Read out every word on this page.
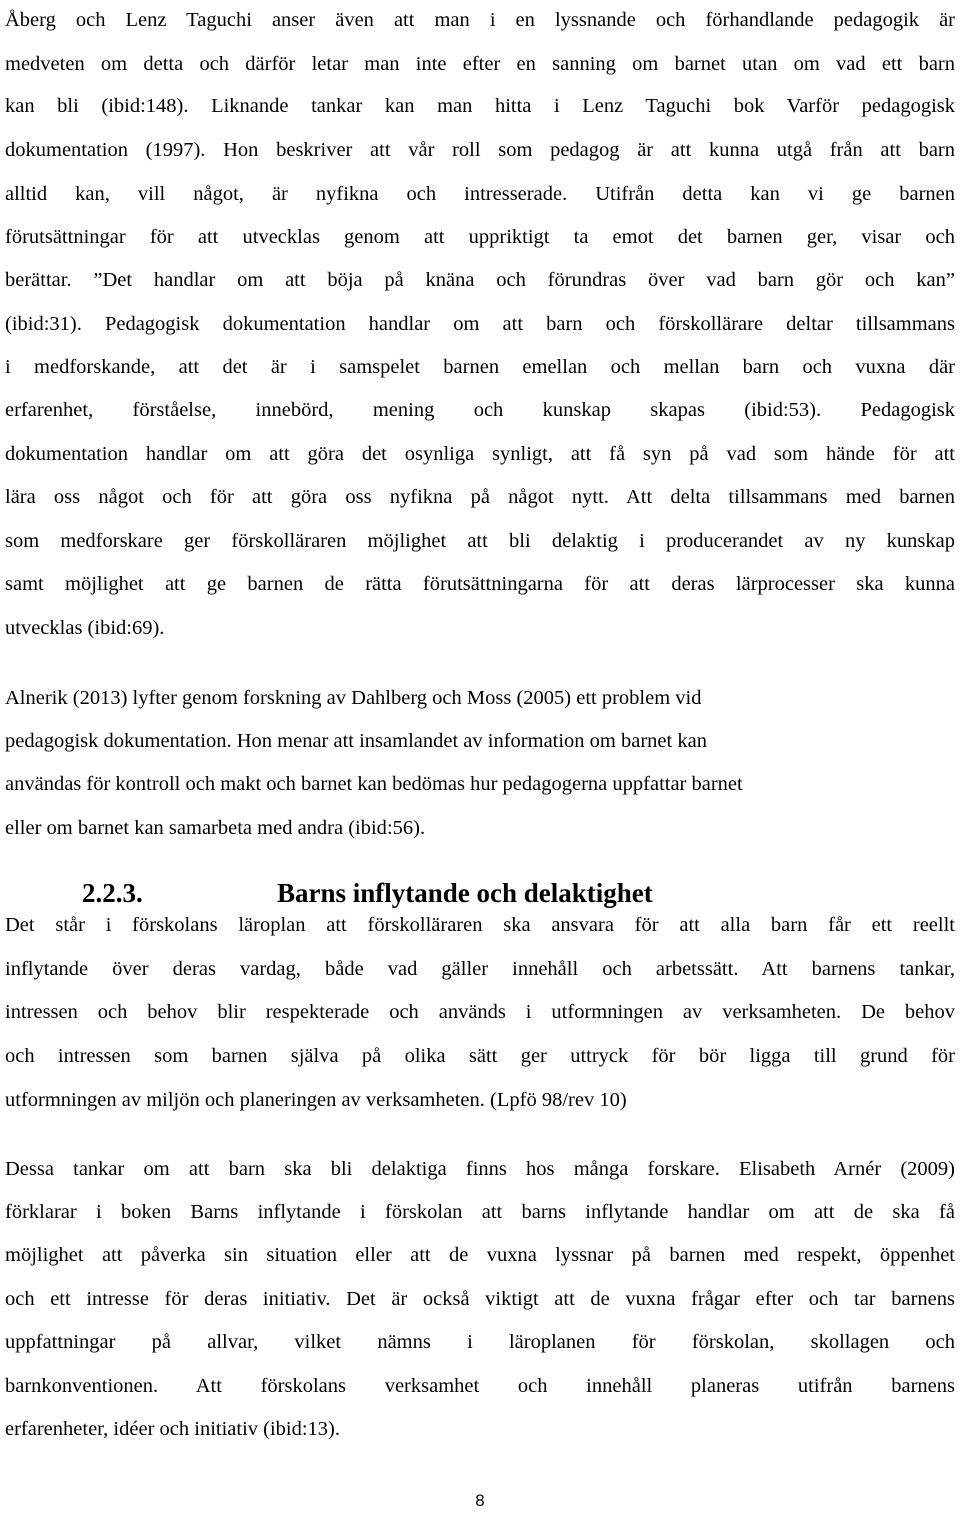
Åberg och Lenz Taguchi anser även att man i en lyssnande och förhandlande pedagogik är
medveten om detta och därför letar man inte efter en sanning om barnet utan om vad ett barn
kan bli (ibid:148). Liknande tankar kan man hitta i Lenz Taguchi bok Varför pedagogisk
dokumentation (1997). Hon beskriver att vår roll som pedagog är att kunna utgå från att barn
alltid kan, vill något, är nyfikna och intresserade. Utifrån detta kan vi ge barnen
förutsättningar för att utvecklas genom att uppriktigt ta emot det barnen ger, visar och
berättar. ”Det handlar om att böja på knäna och förundras över vad barn gör och kan”
(ibid:31). Pedagogisk dokumentation handlar om att barn och förskollärare deltar tillsammans
i medforskande, att det är i samspelet barnen emellan och mellan barn och vuxna där
erfarenhet, förståelse, innebörd, mening och kunskap skapas (ibid:53). Pedagogisk
dokumentation handlar om att göra det osynliga synligt, att få syn på vad som hände för att
lära oss något och för att göra oss nyfikna på något nytt. Att delta tillsammans med barnen
som medforskare ger förskolläraren möjlighet att bli delaktig i producerandet av ny kunskap
samt möjlighet att ge barnen de rätta förutsättningarna för att deras lärprocesser ska kunna
utvecklas (ibid:69).
Alnerik (2013) lyfter genom forskning av Dahlberg och Moss (2005) ett problem vid
pedagogisk dokumentation. Hon menar att insamlandet av information om barnet kan
användas för kontroll och makt och barnet kan bedömas hur pedagogerna uppfattar barnet
eller om barnet kan samarbeta med andra (ibid:56).
2.2.3.	Barns inflytande och delaktighet
Det står i förskolans läroplan att förskolläraren ska ansvara för att alla barn får ett reellt
inflytande över deras vardag, både vad gäller innehåll och arbetssätt. Att barnens tankar,
intressen och behov blir respekterade och används i utformningen av verksamheten. De behov
och intressen som barnen själva på olika sätt ger uttryck för bör ligga till grund för
utformningen av miljön och planeringen av verksamheten. (Lpfö 98/rev 10)
Dessa tankar om att barn ska bli delaktiga finns hos många forskare. Elisabeth Arnér (2009)
förklarar i boken Barns inflytande i förskolan att barns inflytande handlar om att de ska få
möjlighet att påverka sin situation eller att de vuxna lyssnar på barnen med respekt, öppenhet
och ett intresse för deras initiativ. Det är också viktigt att de vuxna frågar efter och tar barnens
uppfattningar på allvar, vilket nämns i läroplanen för förskolan, skollagen och
barnkonventionen. Att förskolans verksamhet och innehåll planeras utifrån barnens
erfarenheter, idéer och initiativ (ibid:13).
8
